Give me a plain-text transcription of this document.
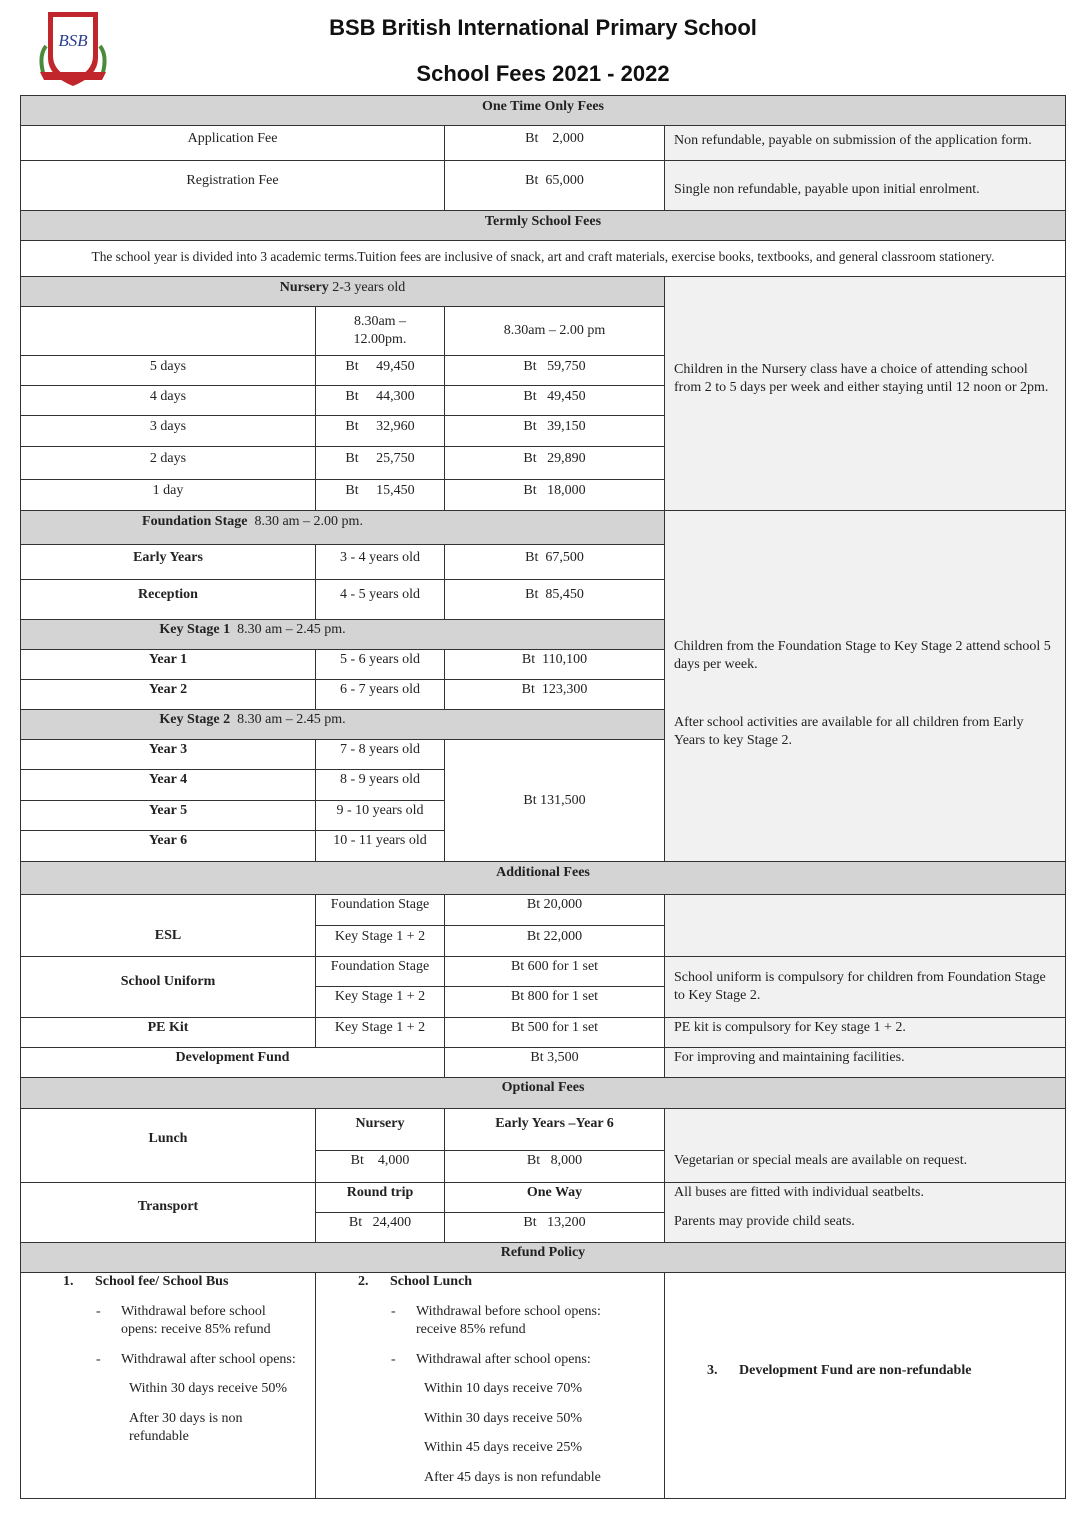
BSB
BSB British International Primary School
School Fees 2021 - 2022
One Time Only Fees
Application Fee	Bt    2,000	Non refundable, payable on submission of the application form.
Registration Fee	Bt  65,000
Single non refundable, payable upon initial enrolment.
Termly School Fees
The school year is divided into 3 academic terms.Tuition fees are inclusive of snack, art and craft materials, exercise books, textbooks, and general classroom stationery.
Nursery 2-3 years old
8.30am – 12.00pm.
8.30am – 2.00 pm
Children in the Nursery class have a choice of attending school from 2 to 5 days per week and either staying until 12 noon or 2pm.
5 days	Bt     49,450	Bt   59,750
4 days	Bt     44,300	Bt   49,450
3 days	Bt     32,960	Bt   39,150
2 days	Bt     25,750	Bt   29,890
1 day	Bt     15,450	Bt   18,000
Foundation Stage  8.30 am – 2.00 pm.
Early Years	3 - 4 years old	Bt  67,500
Reception	4 - 5 years old	Bt  85,450
Children from the Foundation Stage to Key Stage 2 attend school 5 days per week.
After school activities are available for all children from Early Years to key Stage 2.
Key Stage 1  8.30 am – 2.45 pm.
Year 1	5 - 6 years old	Bt  110,100
Year 2	6 - 7 years old	Bt  123,300
Key Stage 2  8.30 am – 2.45 pm.
Year 3	7 - 8 years old
Year 4	8 - 9 years old
Year 5	9 - 10 years old
Year 6	10 - 11 years old
Bt 131,500
Additional Fees
ESL
Foundation Stage	Bt 20,000
Key Stage 1 + 2	Bt 22,000
School Uniform
Foundation Stage	Bt 600 for 1 set
Key Stage 1 + 2	Bt 800 for 1 set
School uniform is compulsory for children from Foundation Stage to Key Stage 2.
PE Kit	Key Stage 1 + 2	Bt 500 for 1 set	PE kit is compulsory for Key stage 1 + 2.
Development Fund	Bt 3,500	For improving and maintaining facilities.
Optional Fees
Lunch
Nursery	Early Years –Year 6
Bt    4,000	Bt   8,000	Vegetarian or special meals are available on request.
Transport
Round trip	One Way
Bt   24,400	Bt   13,200
All buses are fitted with individual seatbelts.
Parents may provide child seats.
Refund Policy
1. School fee/ School Bus
- Withdrawal before school opens: receive 85% refund
- Withdrawal after school opens:
Within 30 days receive 50%
After 30 days is non refundable
2. School Lunch
- Withdrawal before school opens: receive 85% refund
- Withdrawal after school opens:
Within 10 days receive 70%
Within 30 days receive 50%
Within 45 days receive 25%
After 45 days is non refundable
3. Development Fund are non-refundable
